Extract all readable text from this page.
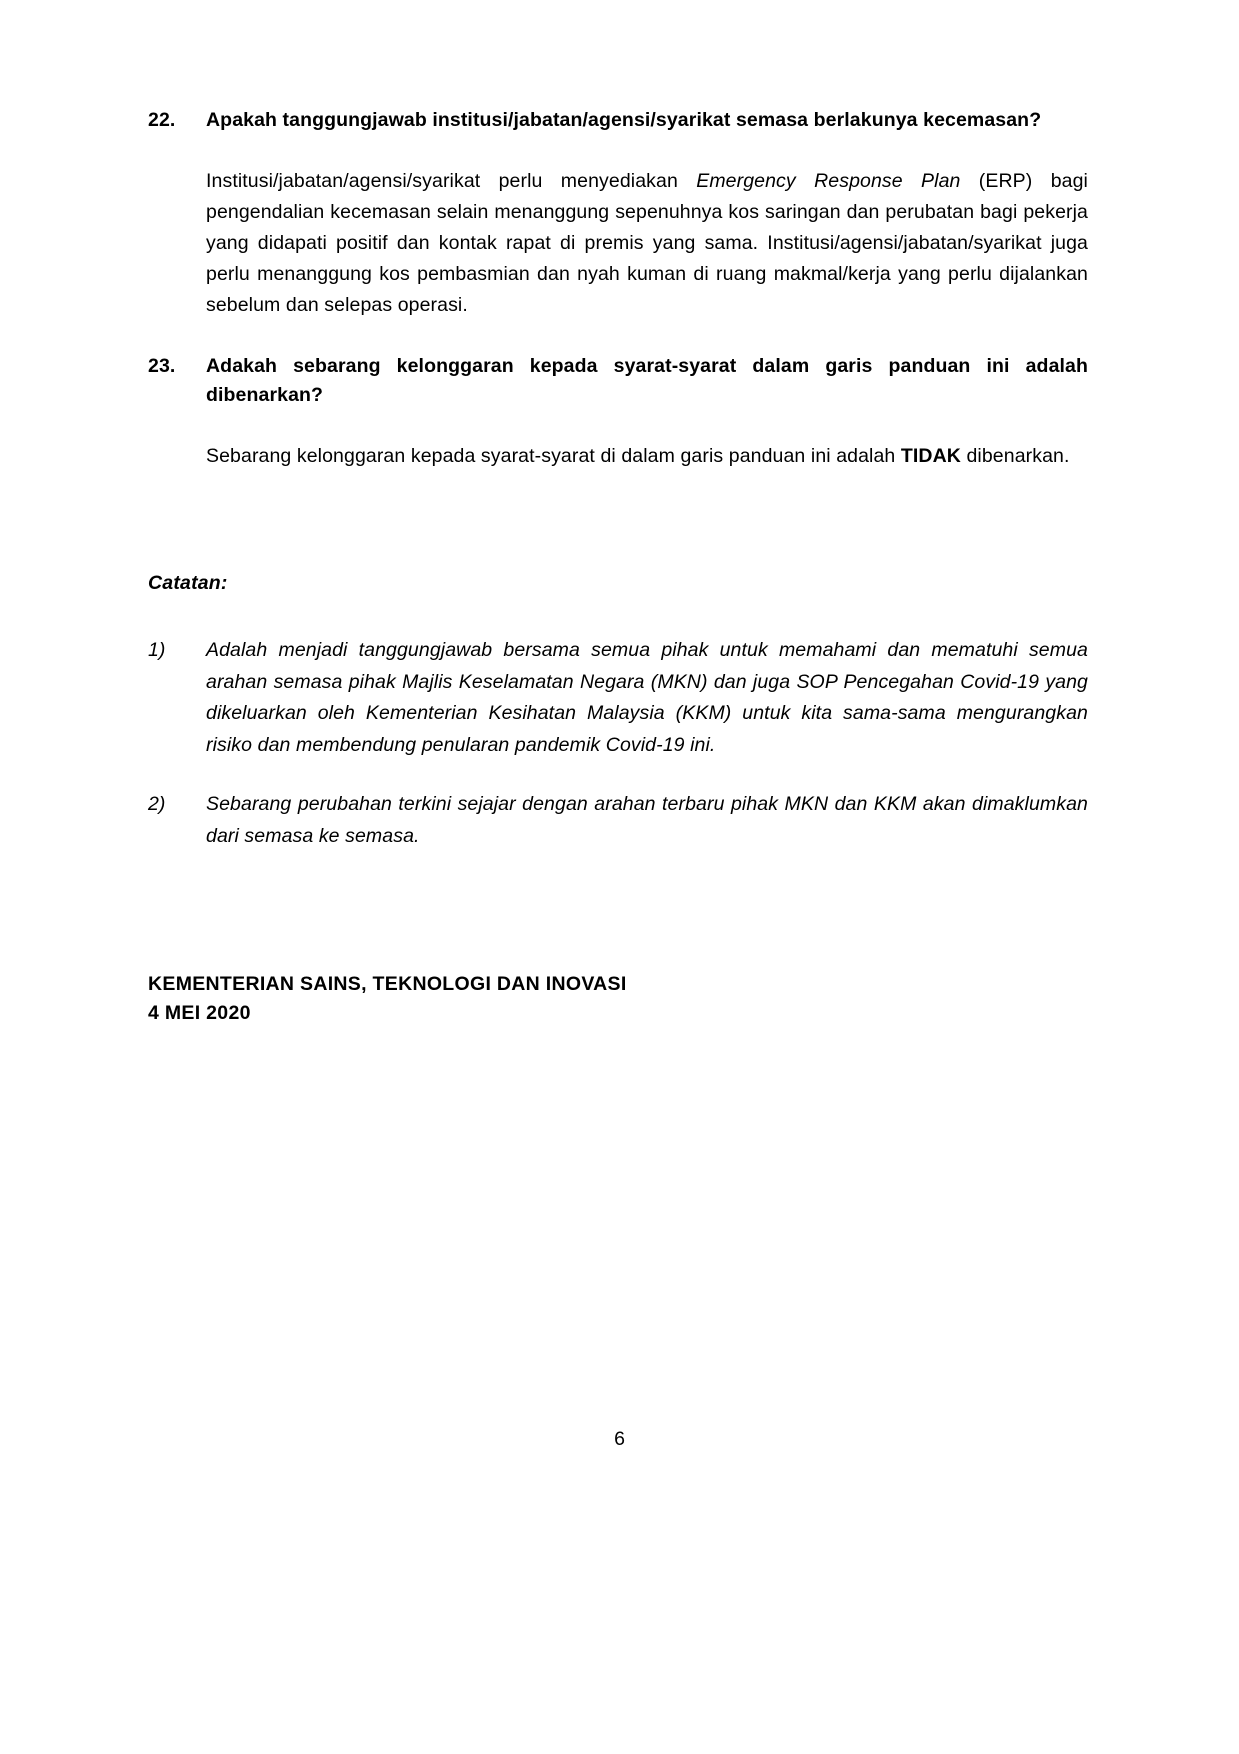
22.	Apakah tanggungjawab institusi/jabatan/agensi/syarikat semasa berlakunya kecemasan?
Institusi/jabatan/agensi/syarikat perlu menyediakan Emergency Response Plan (ERP) bagi pengendalian kecemasan selain menanggung sepenuhnya kos saringan dan perubatan bagi pekerja yang didapati positif dan kontak rapat di premis yang sama. Institusi/agensi/jabatan/syarikat juga perlu menanggung kos pembasmian dan nyah kuman di ruang makmal/kerja yang perlu dijalankan sebelum dan selepas operasi.
23.	Adakah sebarang kelonggaran kepada syarat-syarat dalam garis panduan ini adalah dibenarkan?
Sebarang kelonggaran kepada syarat-syarat di dalam garis panduan ini adalah TIDAK dibenarkan.
Catatan:
1)	Adalah menjadi tanggungjawab bersama semua pihak untuk memahami dan mematuhi semua arahan semasa pihak Majlis Keselamatan Negara (MKN) dan juga SOP Pencegahan Covid-19 yang dikeluarkan oleh Kementerian Kesihatan Malaysia (KKM) untuk kita sama-sama mengurangkan risiko dan membendung penularan pandemik Covid-19 ini.
2)	Sebarang perubahan terkini sejajar dengan arahan terbaru pihak MKN dan KKM akan dimaklumkan dari semasa ke semasa.
KEMENTERIAN SAINS, TEKNOLOGI DAN INOVASI
4 MEI 2020
6
